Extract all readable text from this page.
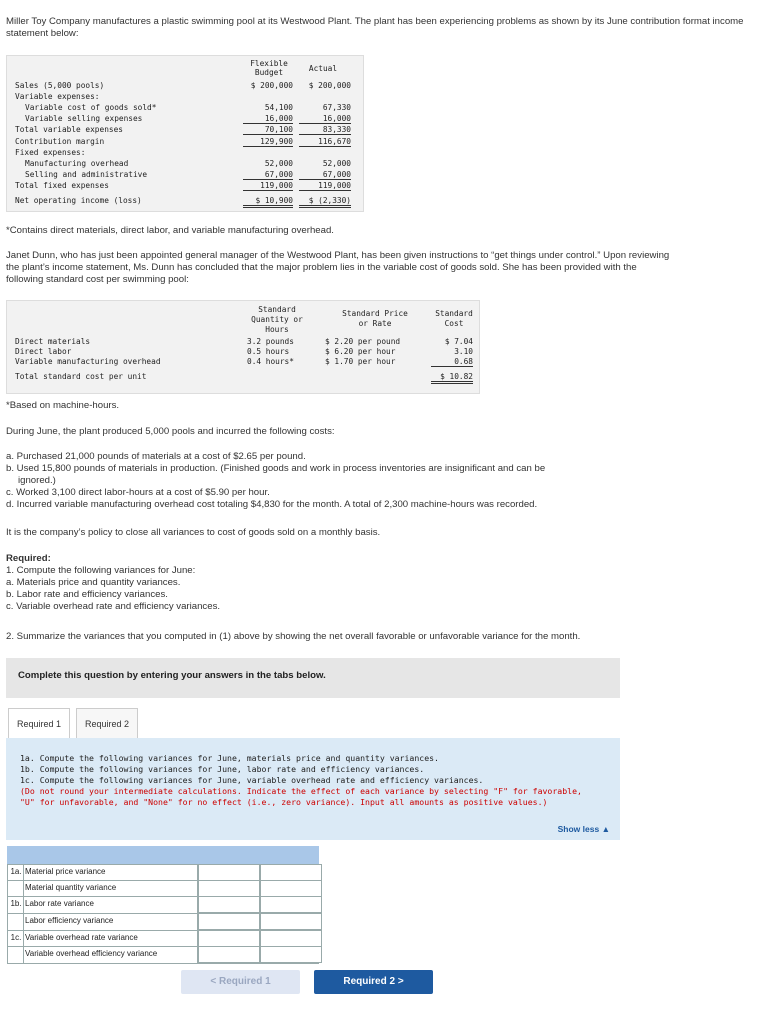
Miller Toy Company manufactures a plastic swimming pool at its Westwood Plant. The plant has been experiencing problems as shown by its June contribution format income statement below:
Flexible
Budget	Actual
Sales (5,000 pools)	$ 200,000	$ 200,000
Variable expenses:
Variable cost of goods sold*	54,100	67,330
Variable selling expenses	16,000	16,000
Total variable expenses	70,100	83,330
Contribution margin	129,900	116,670
Fixed expenses:
Manufacturing overhead	52,000	52,000
Selling and administrative	67,000	67,000
Total fixed expenses	119,000	119,000
Net operating income (loss)	$ 10,900	$ (2,330)
*Contains direct materials, direct labor, and variable manufacturing overhead.
Janet Dunn, who has just been appointed general manager of the Westwood Plant, has been given instructions to “get things under control.” Upon reviewing the plant’s income statement, Ms. Dunn has concluded that the major problem lies in the variable cost of goods sold. She has been provided with the following standard cost per swimming pool:
Standard
Quantity or
Hours
Standard Price
or Rate
Standard
Cost
Direct materials	3.2 pounds	$ 2.20 per pound	$ 7.04
Direct labor	0.5 hours	$ 6.20 per hour	3.10
Variable manufacturing overhead	0.4 hours*	$ 1.70 per hour	0.68
Total standard cost per unit	$ 10.82
*Based on machine-hours.
During June, the plant produced 5,000 pools and incurred the following costs:
a. Purchased 21,000 pounds of materials at a cost of $2.65 per pound.
b. Used 15,800 pounds of materials in production. (Finished goods and work in process inventories are insignificant and can be
ignored.)
c. Worked 3,100 direct labor-hours at a cost of $5.90 per hour.
d. Incurred variable manufacturing overhead cost totaling $4,830 for the month. A total of 2,300 machine-hours was recorded.
It is the company’s policy to close all variances to cost of goods sold on a monthly basis.
Required:
1. Compute the following variances for June:
a. Materials price and quantity variances.
b. Labor rate and efficiency variances.
c. Variable overhead rate and efficiency variances.
2. Summarize the variances that you computed in (1) above by showing the net overall favorable or unfavorable variance for the month.
Complete this question by entering your answers in the tabs below.
Required 1	Required 2
1a. Compute the following variances for June, materials price and quantity variances.
1b. Compute the following variances for June, labor rate and efficiency variances.
1c. Compute the following variances for June, variable overhead rate and efficiency variances.
(Do not round your intermediate calculations. Indicate the effect of each variance by selecting "F" for favorable, "U" for unfavorable, and "None" for no effect (i.e., zero variance). Input all amounts as positive values.)
Show less ▲
1a. Material price variance
Material quantity variance
1b. Labor rate variance
Labor efficiency variance
1c. Variable overhead rate variance
Variable overhead efficiency variance
< Required 1	Required 2 >
